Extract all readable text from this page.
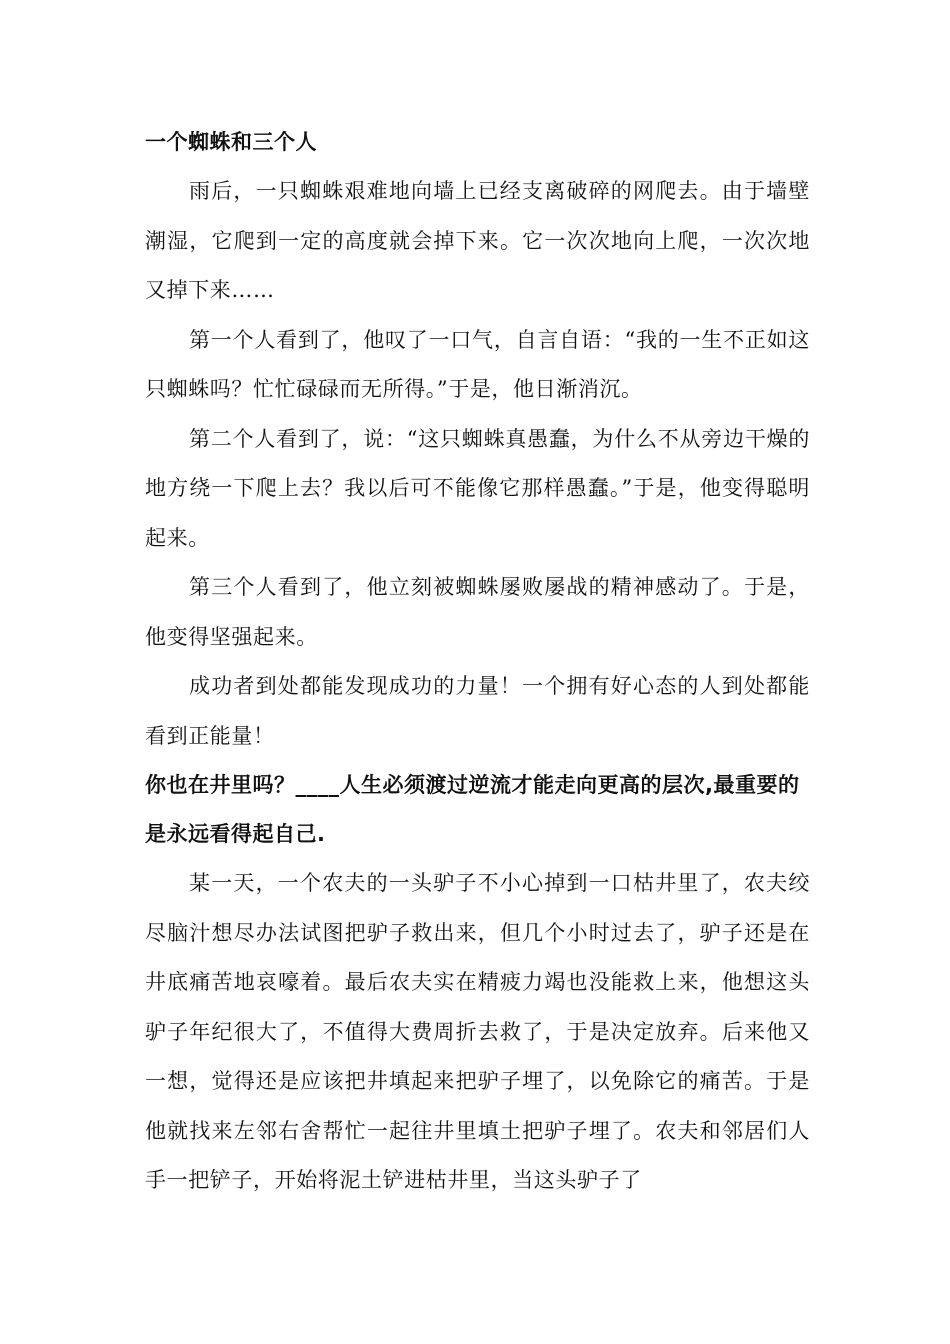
一个蜘蛛和三个人

雨后，一只蜘蛛艰难地向墙上已经支离破碎的网爬去。由于墙壁潮湿，它爬到一定的高度就会掉下来。它一次次地向上爬，一次次地又掉下来……

第一个人看到了，他叹了一口气，自言自语：“我的一生不正如这只蜘蛛吗？忙忙碌碌而无所得。”于是，他日渐消沉。

第二个人看到了，说：“这只蜘蛛真愚蠢，为什么不从旁边干燥的地方绕一下爬上去？我以后可不能像它那样愚蠢。”于是，他变得聪明起来。

第三个人看到了，他立刻被蜘蛛屡败屡战的精神感动了。于是，他变得坚强起来。

成功者到处都能发现成功的力量！一个拥有好心态的人到处都能看到正能量！

你也在井里吗？____人生必须渡过逆流才能走向更高的层次,最重要的是永远看得起自己.

某一天，一个农夫的一头驴子不小心掉到一口枯井里了，农夫绞尽脑汁想尽办法试图把驴子救出来，但几个小时过去了，驴子还是在井底痛苦地哀嚎着。最后农夫实在精疲力竭也没能救上来，他想这头驴子年纪很大了，不值得大费周折去救了，于是决定放弃。后来他又一想，觉得还是应该把井填起来把驴子埋了，以免除它的痛苦。于是他就找来左邻右舍帮忙一起往井里填土把驴子埋了。农夫和邻居们人手一把铲子，开始将泥土铲进枯井里，当这头驴子了
